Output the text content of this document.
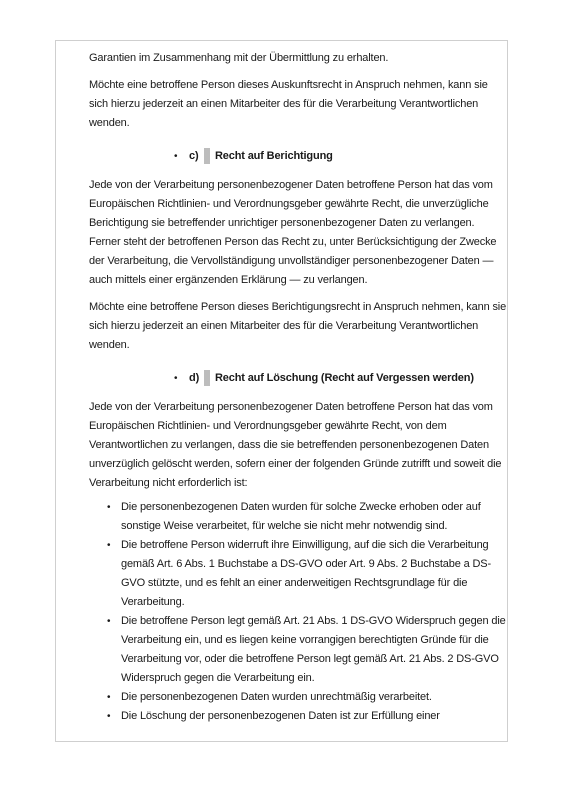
Garantien im Zusammenhang mit der Übermittlung zu erhalten.

Möchte eine betroffene Person dieses Auskunftsrecht in Anspruch nehmen, kann sie sich hierzu jederzeit an einen Mitarbeiter des für die Verarbeitung Verantwortlichen wenden.

• c) Recht auf Berichtigung

Jede von der Verarbeitung personenbezogener Daten betroffene Person hat das vom Europäischen Richtlinien- und Verordnungsgeber gewährte Recht, die unverzügliche Berichtigung sie betreffender unrichtiger personenbezogener Daten zu verlangen. Ferner steht der betroffenen Person das Recht zu, unter Berücksichtigung der Zwecke der Verarbeitung, die Vervollständigung unvollständiger personenbezogener Daten — auch mittels einer ergänzenden Erklärung — zu verlangen.

Möchte eine betroffene Person dieses Berichtigungsrecht in Anspruch nehmen, kann sie sich hierzu jederzeit an einen Mitarbeiter des für die Verarbeitung Verantwortlichen wenden.

• d) Recht auf Löschung (Recht auf Vergessen werden)

Jede von der Verarbeitung personenbezogener Daten betroffene Person hat das vom Europäischen Richtlinien- und Verordnungsgeber gewährte Recht, von dem Verantwortlichen zu verlangen, dass die sie betreffenden personenbezogenen Daten unverzüglich gelöscht werden, sofern einer der folgenden Gründe zutrifft und soweit die Verarbeitung nicht erforderlich ist:

• Die personenbezogenen Daten wurden für solche Zwecke erhoben oder auf sonstige Weise verarbeitet, für welche sie nicht mehr notwendig sind.
• Die betroffene Person widerruft ihre Einwilligung, auf die sich die Verarbeitung gemäß Art. 6 Abs. 1 Buchstabe a DS-GVO oder Art. 9 Abs. 2 Buchstabe a DS-GVO stützte, und es fehlt an einer anderweitigen Rechtsgrundlage für die Verarbeitung.
• Die betroffene Person legt gemäß Art. 21 Abs. 1 DS-GVO Widerspruch gegen die Verarbeitung ein, und es liegen keine vorrangigen berechtigten Gründe für die Verarbeitung vor, oder die betroffene Person legt gemäß Art. 21 Abs. 2 DS-GVO Widerspruch gegen die Verarbeitung ein.
• Die personenbezogenen Daten wurden unrechtmäßig verarbeitet.
• Die Löschung der personenbezogenen Daten ist zur Erfüllung einer
